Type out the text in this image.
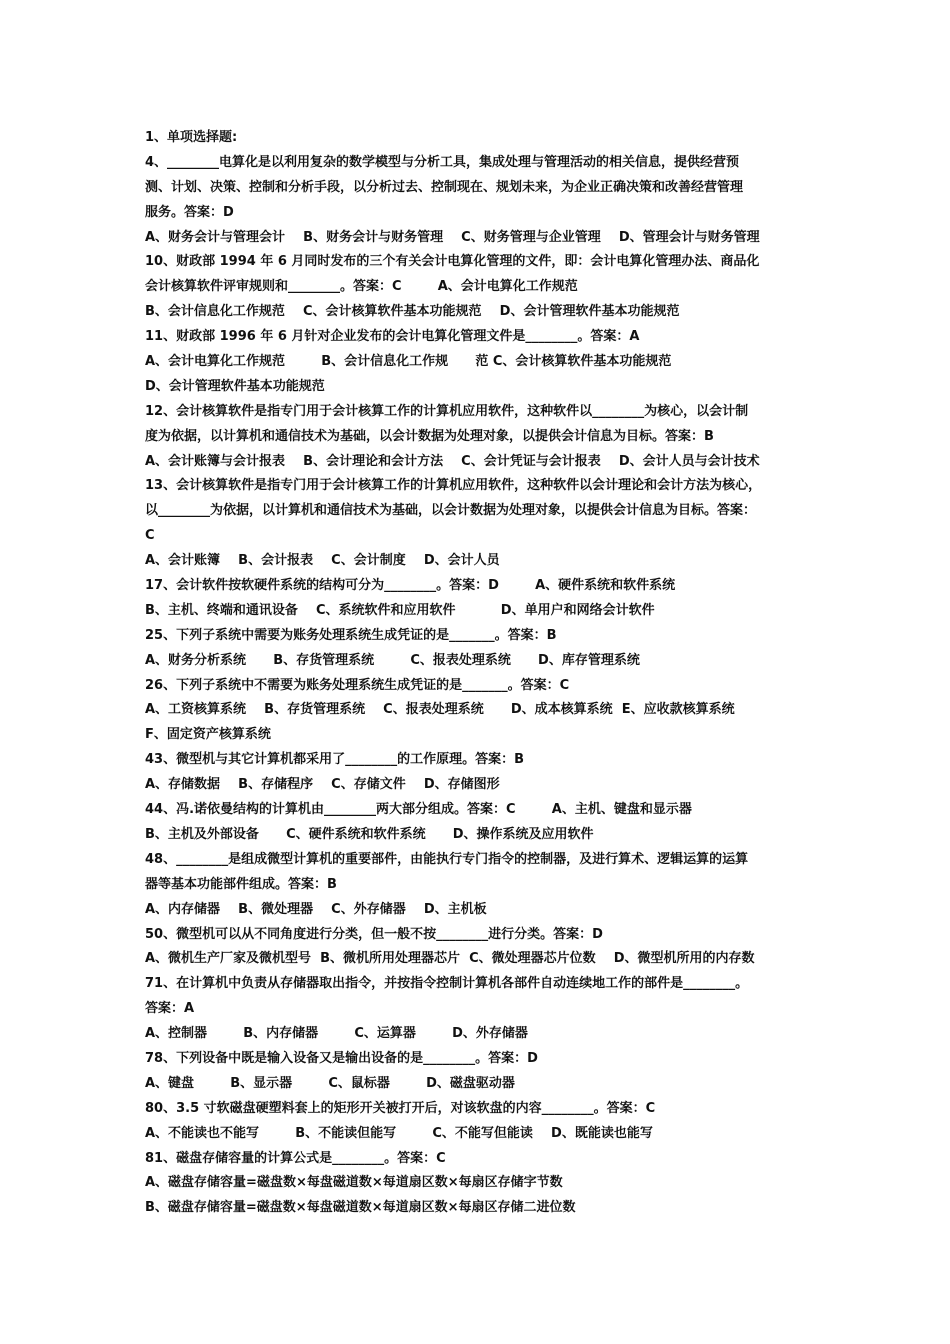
1、单项选择题:
4、________电算化是以利用复杂的数学模型与分析工具，集成处理与管理活动的相关信息，提供经营预
测、计划、决策、控制和分析手段，以分析过去、控制现在、规划未来，为企业正确决策和改善经营管理
服务。答案：D
A、财务会计与管理会计    B、财务会计与财务管理    C、财务管理与企业管理    D、管理会计与财务管理
10、财政部 1994 年 6 月同时发布的三个有关会计电算化管理的文件，即：会计电算化管理办法、商品化
会计核算软件评审规则和________。答案：C        A、会计电算化工作规范
B、会计信息化工作规范    C、会计核算软件基本功能规范    D、会计管理软件基本功能规范
11、财政部 1996 年 6 月针对企业发布的会计电算化管理文件是________。答案：A
A、会计电算化工作规范        B、会计信息化工作规      范 C、会计核算软件基本功能规范
D、会计管理软件基本功能规范
12、会计核算软件是指专门用于会计核算工作的计算机应用软件，这种软件以________为核心，以会计制
度为依据，以计算机和通信技术为基础，以会计数据为处理对象，以提供会计信息为目标。答案：B
A、会计账簿与会计报表    B、会计理论和会计方法    C、会计凭证与会计报表    D、会计人员与会计技术
13、会计核算软件是指专门用于会计核算工作的计算机应用软件，这种软件以会计理论和会计方法为核心，
以________为依据，以计算机和通信技术为基础，以会计数据为处理对象，以提供会计信息为目标。答案：
C
A、会计账簿    B、会计报表    C、会计制度    D、会计人员
17、会计软件按软硬件系统的结构可分为________。答案：D        A、硬件系统和软件系统
B、主机、终端和通讯设备    C、系统软件和应用软件          D、单用户和网络会计软件
25、下列子系统中需要为账务处理系统生成凭证的是_______。答案：B
A、财务分析系统      B、存货管理系统        C、报表处理系统      D、库存管理系统
26、下列子系统中不需要为账务处理系统生成凭证的是_______。答案：C
A、工资核算系统    B、存货管理系统    C、报表处理系统      D、成本核算系统  E、应收款核算系统
F、固定资产核算系统
43、微型机与其它计算机都采用了________的工作原理。答案：B
A、存储数据    B、存储程序    C、存储文件    D、存储图形
44、冯.诺依曼结构的计算机由________两大部分组成。答案：C        A、主机、键盘和显示器
B、主机及外部设备      C、硬件系统和软件系统      D、操作系统及应用软件
48、________是组成微型计算机的重要部件，由能执行专门指令的控制器，及进行算术、逻辑运算的运算
器等基本功能部件组成。答案：B
A、内存储器    B、微处理器    C、外存储器    D、主机板
50、微型机可以从不同角度进行分类，但一般不按________进行分类。答案：D
A、微机生产厂家及微机型号  B、微机所用处理器芯片  C、微处理器芯片位数    D、微型机所用的内存数
71、在计算机中负责从存储器取出指令，并按指令控制计算机各部件自动连续地工作的部件是________。
答案：A
A、控制器        B、内存储器        C、运算器        D、外存储器
78、下列设备中既是输入设备又是输出设备的是________。答案：D
A、键盘        B、显示器        C、鼠标器        D、磁盘驱动器
80、3.5 寸软磁盘硬塑料套上的矩形开关被打开后，对该软盘的内容________。答案：C
A、不能读也不能写        B、不能读但能写        C、不能写但能读    D、既能读也能写
81、磁盘存储容量的计算公式是________。答案：C
A、磁盘存储容量=磁盘数×每盘磁道数×每道扇区数×每扇区存储字节数
B、磁盘存储容量=磁盘数×每盘磁道数×每道扇区数×每扇区存储二进位数
